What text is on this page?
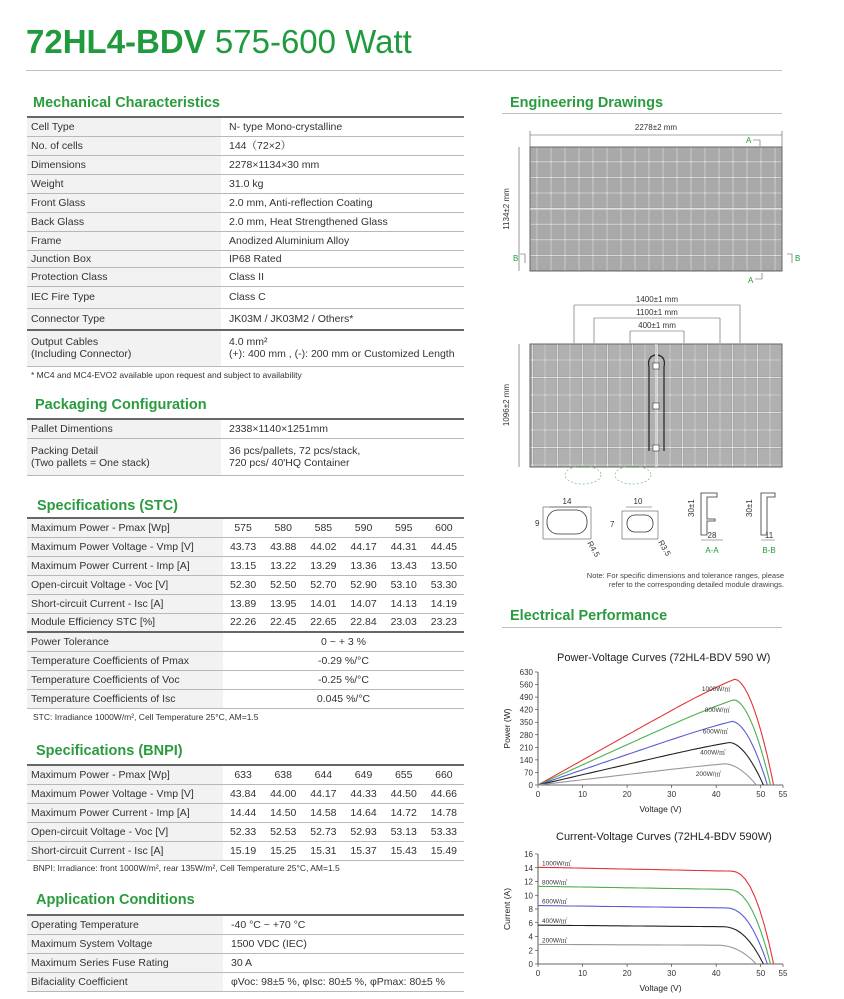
72HL4-BDV 575-600 Watt
Mechanical Characteristics
Cell Type	N- type Mono-crystalline
No. of cells	144（72×2）
Dimensions	2278×1134×30 mm
Weight	31.0 kg
Front Glass	2.0 mm, Anti-reflection Coating
Back Glass	2.0 mm, Heat Strengthened Glass
Frame	Anodized Aluminium Alloy
Junction Box	IP68 Rated
Protection Class	Class II
IEC Fire Type	Class C
Connector Type	JK03M / JK03M2 / Others*
Output Cables
(Including Connector)	4.0 mm²
(+): 400 mm , (-): 200 mm or Customized Length
* MC4 and MC4-EVO2 available upon request and subject to availability
Packaging Configuration
Pallet Dimentions	2338×1140×1251mm
Packing Detail
(Two pallets = One stack)	36 pcs/pallets, 72 pcs/stack,
720 pcs/ 40'HQ Container
Specifications (STC)
Maximum Power - Pmax [Wp]	575	580	585	590	595	600
Maximum Power Voltage - Vmp [V]	43.73	43.88	44.02	44.17	44.31	44.45
Maximum Power Current - Imp [A]	13.15	13.22	13.29	13.36	13.43	13.50
Open-circuit Voltage - Voc [V]	52.30	52.50	52.70	52.90	53.10	53.30
Short-circuit Current - Isc [A]	13.89	13.95	14.01	14.07	14.13	14.19
Module Efficiency STC [%]	22.26	22.45	22.65	22.84	23.03	23.23
Power Tolerance	0 ~ + 3 %					
Temperature Coefficients of Pmax	-0.29 %/°C					
Temperature Coefficients of Voc	-0.25 %/°C					
Temperature Coefficients of Isc	0.045 %/°C					
STC: Irradiance 1000W/m², Cell Temperature 25°C, AM=1.5
Specifications (BNPI)
Maximum Power - Pmax [Wp]	633	638	644	649	655	660
Maximum Power Voltage - Vmp [V]	43.84	44.00	44.17	44.33	44.50	44.66
Maximum Power Current - Imp [A]	14.44	14.50	14.58	14.64	14.72	14.78
Open-circuit Voltage - Voc [V]	52.33	52.53	52.73	52.93	53.13	53.33
Short-circuit Current - Isc [A]	15.19	15.25	15.31	15.37	15.43	15.49
BNPI: Irradiance: front 1000W/m², rear 135W/m², Cell Temperature 25°C, AM=1.5
Application Conditions
Operating Temperature	-40 °C ~ +70 °C
Maximum System Voltage	1500 VDC (IEC)
Maximum Series Fuse Rating	30 A
Bifaciality Coefficient	φVoc: 98±5 %, φIsc: 80±5 %, φPmax: 80±5 %
Engineering Drawings
2278±2 mm
1134±2 mm
A
A
B	B
1400±1 mm
1100±1 mm
400±1 mm
1096±2 mm
14
9
R4.5
10
7
R3.5
30±1
28
A-A
30±1
11
B-B
Note: For specific dimensions and tolerance ranges, please
refer to the corresponding detailed module drawings.
Electrical Performance
Power-Voltage Curves (72HL4-BDV 590 W)
0	10	20	30	40	50 55
0
70
140
210
280
350
420
490
560
630
Voltage (V)
Power (W)
1000W/㎡
800W/㎡
600W/㎡
400W/㎡
200W/㎡
Current-Voltage Curves (72HL4-BDV 590W)
0	10	20	30	40	50 55
0
2
4
6
8
10
12
14
16
Voltage (V)
Current (A)
1000W/㎡
800W/㎡
600W/㎡
400W/㎡
200W/㎡
